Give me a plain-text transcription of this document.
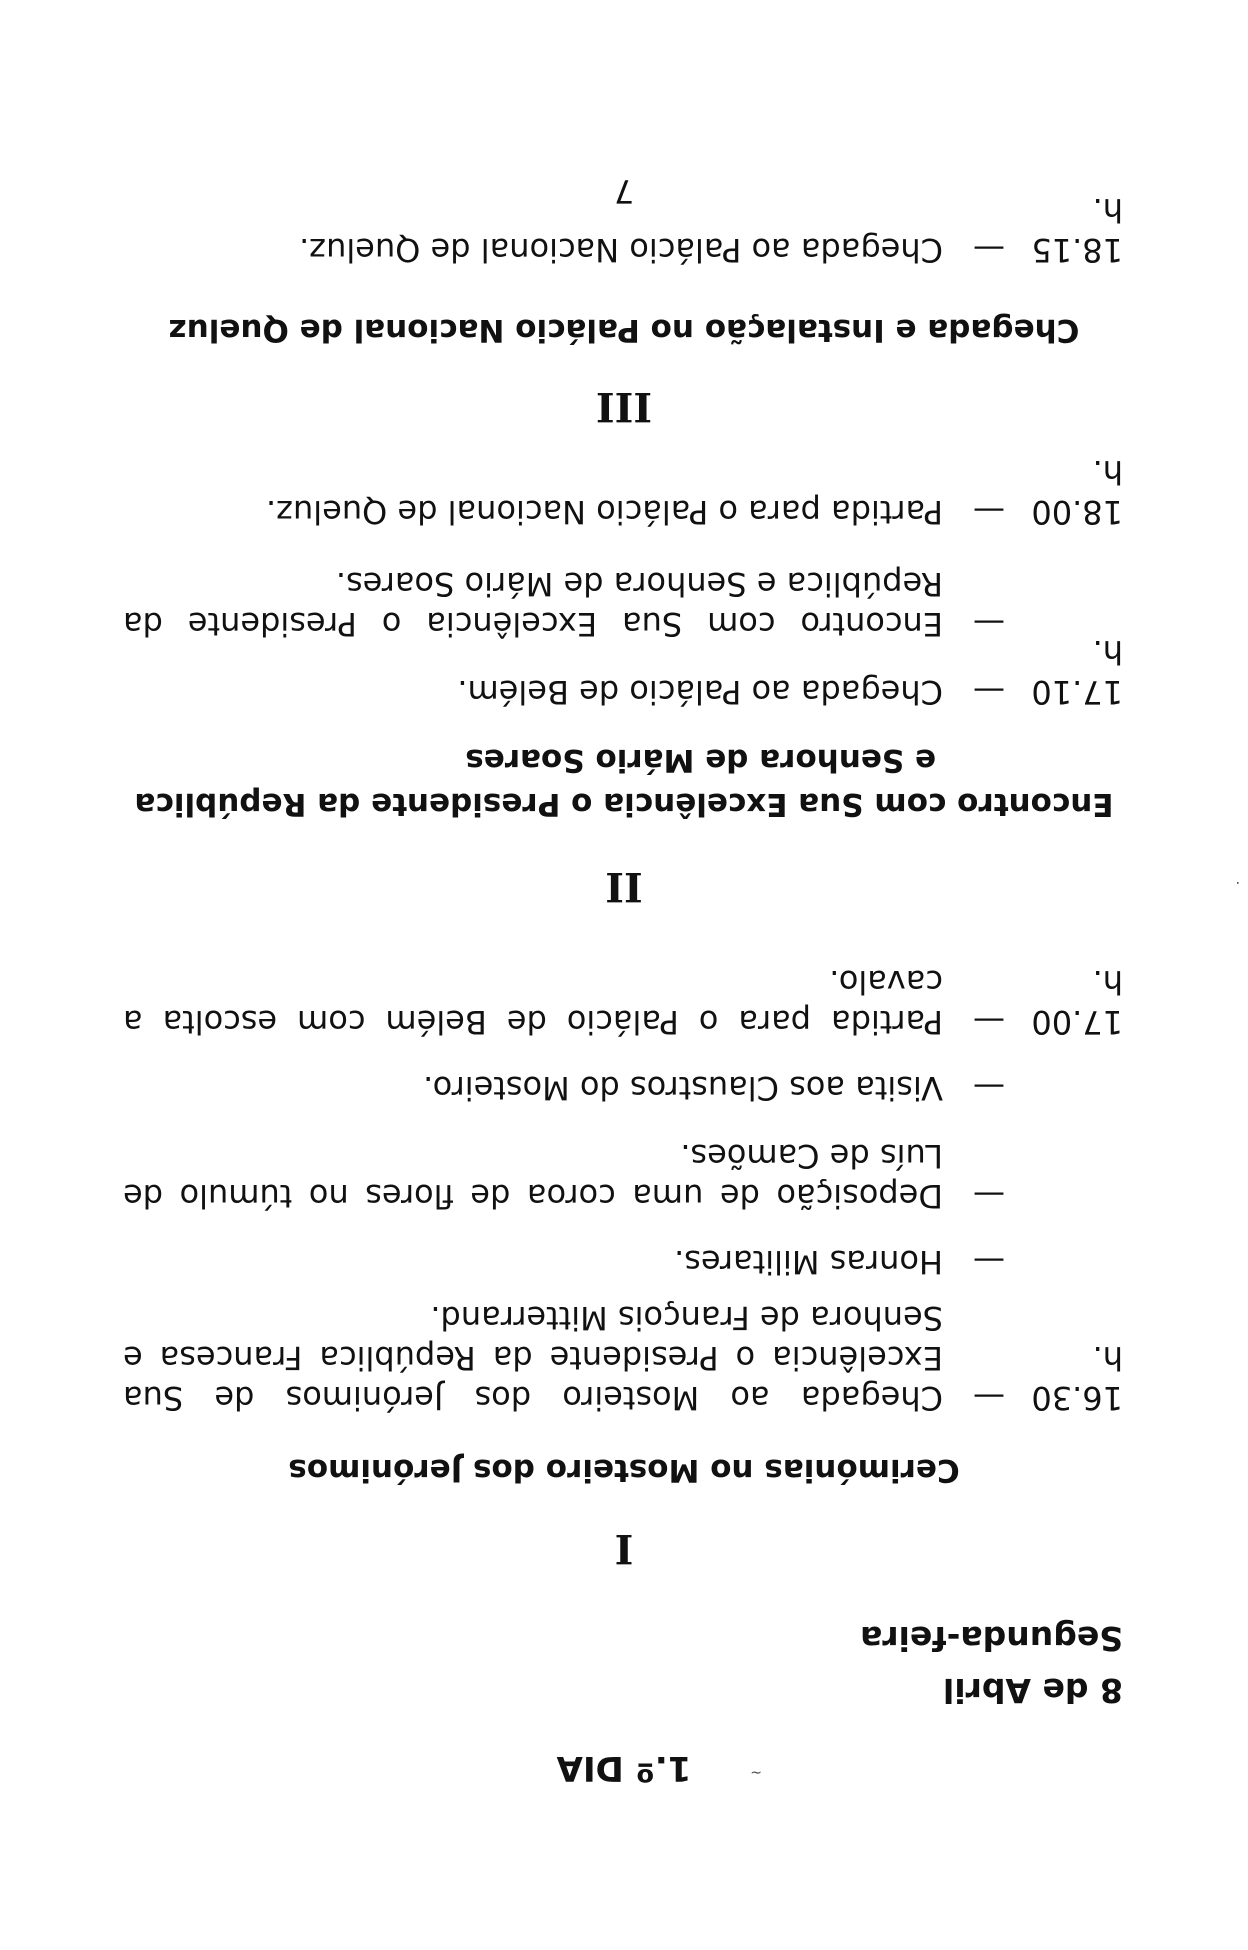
1.º DIA
8 de Abril
Segunda-feira
I
Cerimónias no Mosteiro dos Jerónimos
16.30 h.
—
Chegada ao Mosteiro dos Jerónimos de Sua Excelência o Presidente da República Francesa e Senhora de François Mitterrand.
—
Honras Militares.
—
Deposição de uma coroa de flores no túmulo de Luís de Camões.
—
Visita aos Claustros do Mosteiro.
17.00 h.
—
Partida para o Palácio de Belém com escolta a cavalo.
II
Encontro com Sua Excelência o Presidente da República
e Senhora de Mário Soares
17.10 h.
—
Chegada ao Palácio de Belém.
—
Encontro com Sua Excelência o Presidente da República e Senhora de Mário Soares.
18.00 h.
—
Partida para o Palácio Nacional de Queluz.
III
Chegada e Instalação no Palácio Nacional de Queluz
18.15 h.
—
Chegada ao Palácio Nacional de Queluz.
7
~
·
